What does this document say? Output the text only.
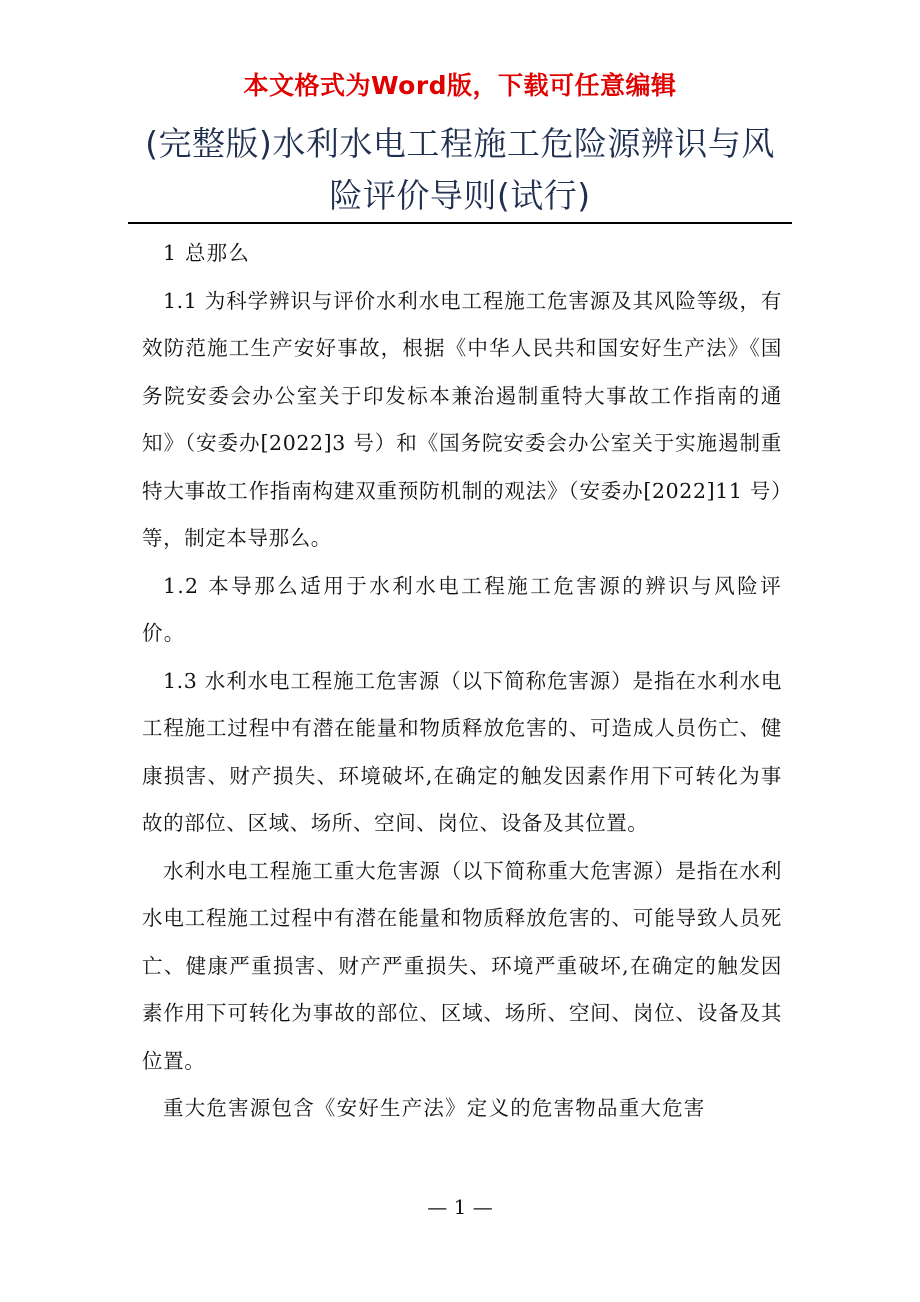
本文格式为Word版，下载可任意编辑
(完整版)水利水电工程施工危险源辨识与风险评价导则(试行)

1 总那么

1.1 为科学辨识与评价水利水电工程施工危害源及其风险等级，有效防范施工生产安好事故，根据《中华人民共和国安好生产法》《国务院安委会办公室关于印发标本兼治遏制重特大事故工作指南的通知》（安委办[2022]3 号）和《国务院安委会办公室关于实施遏制重特大事故工作指南构建双重预防机制的观法》（安委办[2022]11 号）等，制定本导那么。

1.2 本导那么适用于水利水电工程施工危害源的辨识与风险评价。

1.3 水利水电工程施工危害源（以下简称危害源）是指在水利水电工程施工过程中有潜在能量和物质释放危害的、可造成人员伤亡、健康损害、财产损失、环境破坏,在确定的触发因素作用下可转化为事故的部位、区域、场所、空间、岗位、设备及其位置。

水利水电工程施工重大危害源（以下简称重大危害源）是指在水利水电工程施工过程中有潜在能量和物质释放危害的、可能导致人员死亡、健康严重损害、财产严重损失、环境严重破坏,在确定的触发因素作用下可转化为事故的部位、区域、场所、空间、岗位、设备及其位置。

重大危害源包含《安好生产法》定义的危害物品重大危害

— 1 —
